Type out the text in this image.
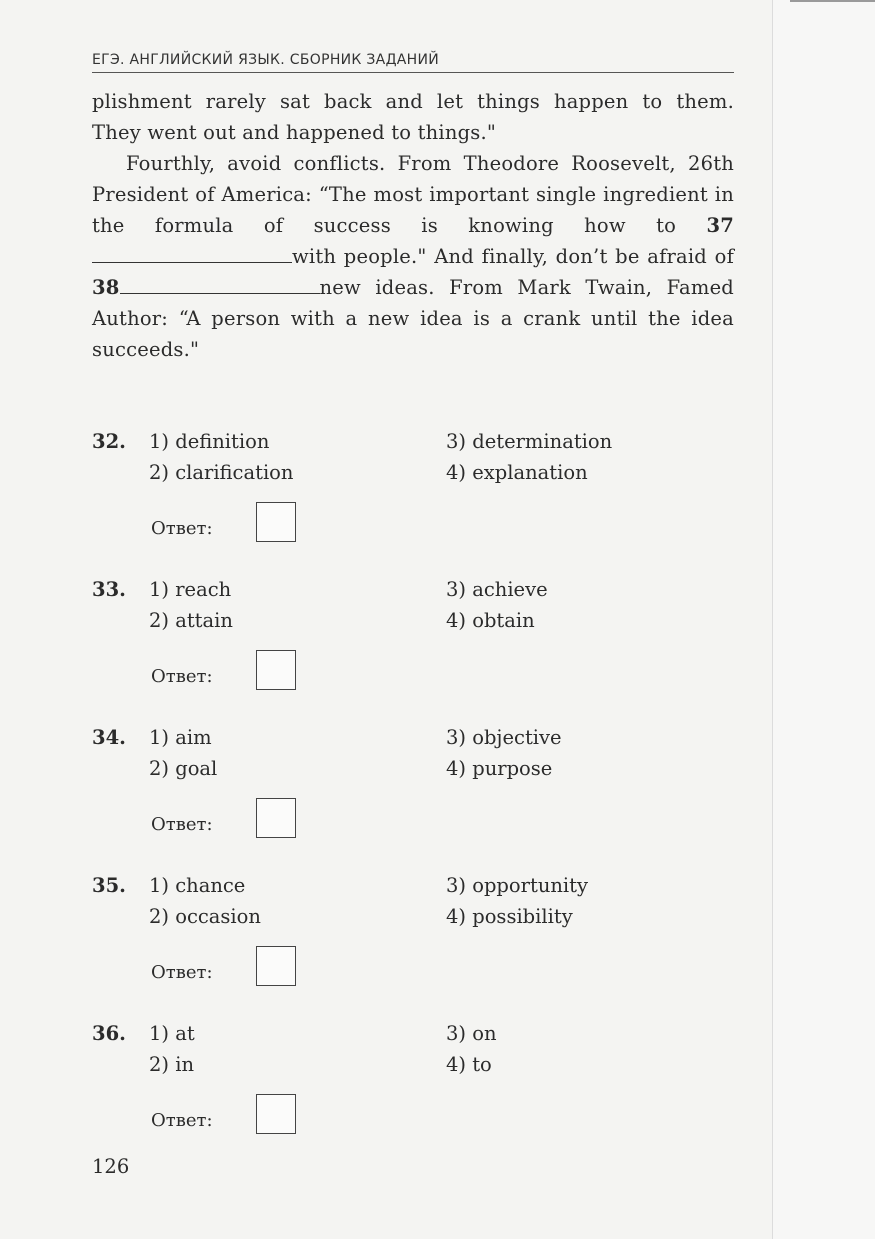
ЕГЭ. АНГЛИЙСКИЙ ЯЗЫК. СБОРНИК ЗАДАНИЙ

plishment rarely sat back and let things happen to them.

They went out and happened to things."

Fourthly, avoid conflicts. From Theodore Roosevelt, 26th President of America: “The most important single ingredient in the formula of success is knowing how to 37with people." And finally, don’t be afraid of 38	new ideas. From Mark Twain, Famed Author: “A person with a new idea is a crank until the idea succeeds."

32. 1) definition
2) clarification
3) determination
4) explanation
Ответ:
33. 1) reach
2) attain
3) achieve
4) obtain
Ответ:
34. 1) aim
2) goal
3) objective
4) purpose
Ответ:
35. 1) chance
2) occasion
3) opportunity
4) possibility
Ответ:
36. 1) at
2) in
3) on
4) to
Ответ:
126
